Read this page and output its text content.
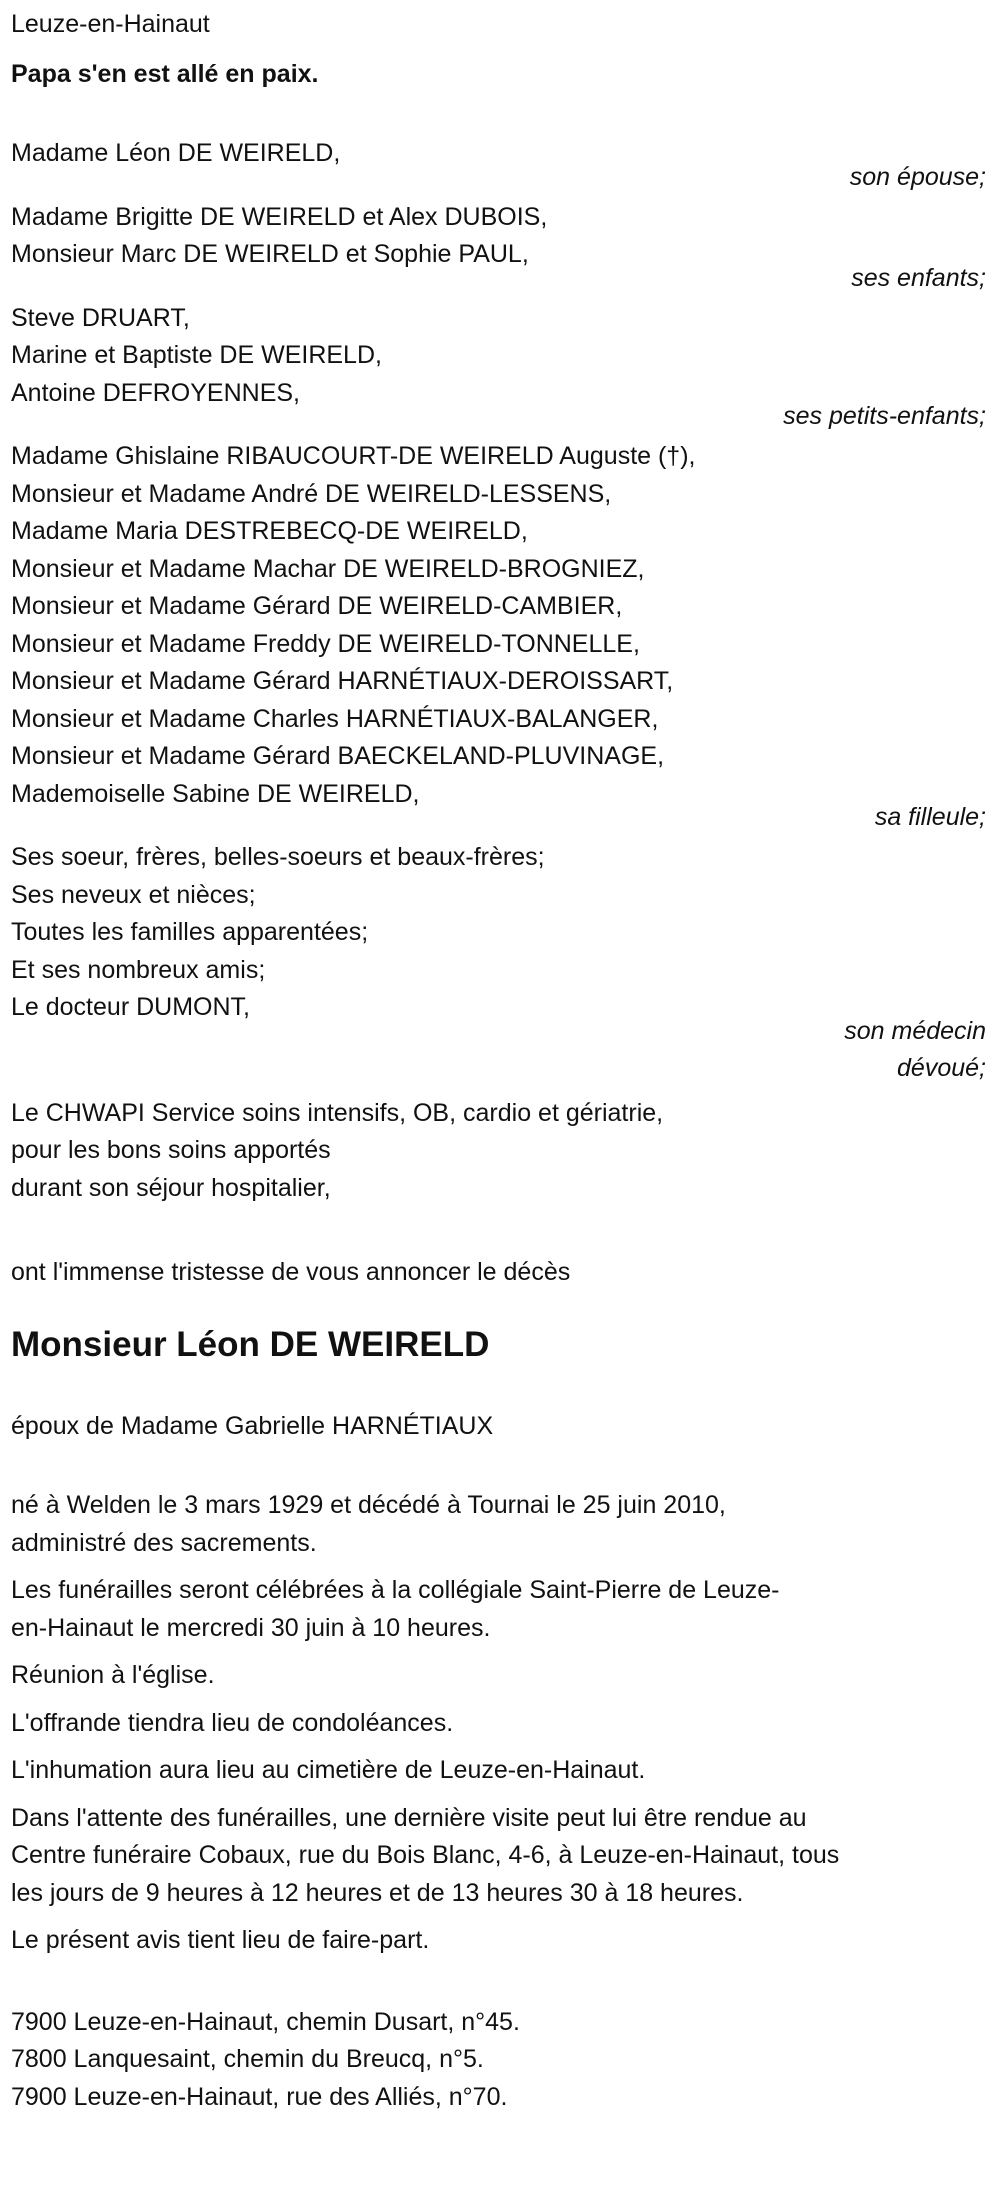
Leuze-en-Hainaut
Papa s'en est allé en paix.
Madame Léon DE WEIRELD,
son épouse;
Madame Brigitte DE WEIRELD et Alex DUBOIS,
Monsieur Marc DE WEIRELD et Sophie PAUL,
ses enfants;
Steve DRUART,
Marine et Baptiste DE WEIRELD,
Antoine DEFROYENNES,
ses petits-enfants;
Madame Ghislaine RIBAUCOURT-DE WEIRELD Auguste (†),
Monsieur et Madame André DE WEIRELD-LESSENS,
Madame Maria DESTREBECQ-DE WEIRELD,
Monsieur et Madame Machar DE WEIRELD-BROGNIEZ,
Monsieur et Madame Gérard DE WEIRELD-CAMBIER,
Monsieur et Madame Freddy DE WEIRELD-TONNELLE,
Monsieur et Madame Gérard HARNÉTIAUX-DEROISSART,
Monsieur et Madame Charles HARNÉTIAUX-BALANGER,
Monsieur et Madame Gérard BAECKELAND-PLUVINAGE,
Mademoiselle Sabine DE WEIRELD,
sa filleule;
Ses soeur, frères, belles-soeurs et beaux-frères;
Ses neveux et nièces;
Toutes les familles apparentées;
Et ses nombreux amis;
Le docteur DUMONT,
son médecin
dévoué;
Le CHWAPI Service soins intensifs, OB, cardio et gériatrie,
pour les bons soins apportés
durant son séjour hospitalier,
ont l'immense tristesse de vous annoncer le décès
Monsieur Léon DE WEIRELD
époux de Madame Gabrielle HARNÉTIAUX
né à Welden le 3 mars 1929 et décédé à Tournai le 25 juin 2010,
administré des sacrements.
Les funérailles seront célébrées à la collégiale Saint-Pierre de Leuze-
en-Hainaut le mercredi 30 juin à 10 heures.
Réunion à l'église.
L'offrande tiendra lieu de condoléances.
L'inhumation aura lieu au cimetière de Leuze-en-Hainaut.
Dans l'attente des funérailles, une dernière visite peut lui être rendue au
Centre funéraire Cobaux, rue du Bois Blanc, 4-6, à Leuze-en-Hainaut, tous
les jours de 9 heures à 12 heures et de 13 heures 30 à 18 heures.
Le présent avis tient lieu de faire-part.
7900 Leuze-en-Hainaut, chemin Dusart, n°45.
7800 Lanquesaint, chemin du Breucq, n°5.
7900 Leuze-en-Hainaut, rue des Alliés, n°70.
